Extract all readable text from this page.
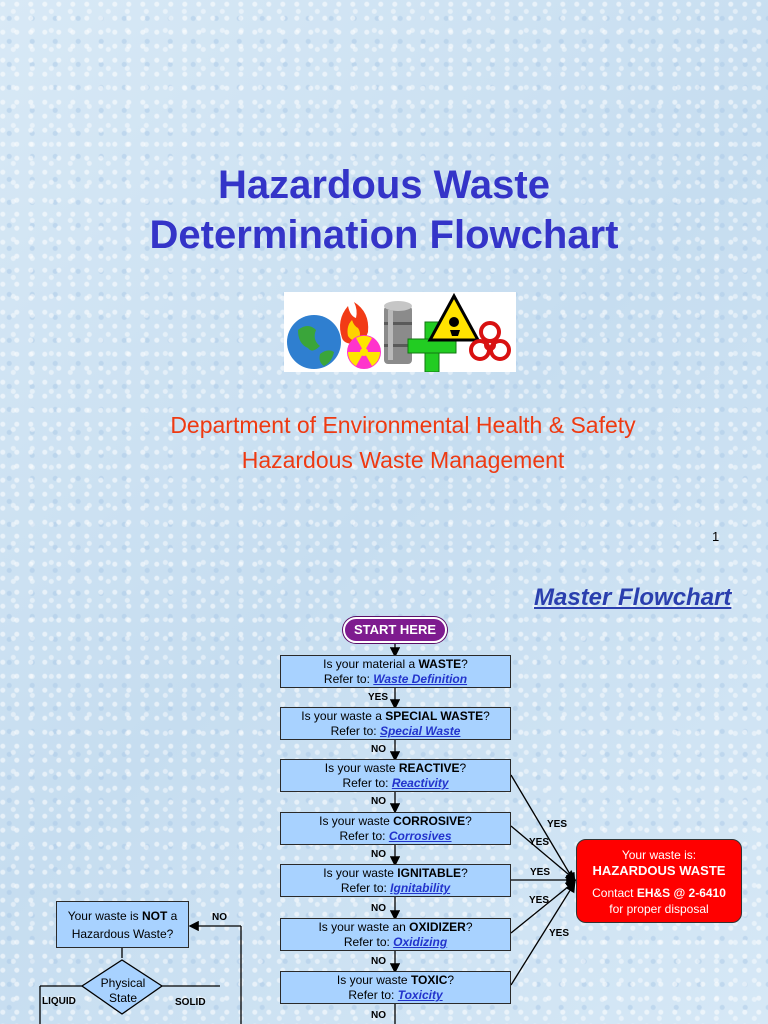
Hazardous Waste
Determination Flowchart
Department of Environmental Health & Safety
Hazardous Waste Management
1
Master Flowchart
START HERE
Is your material a WASTE?
Refer to: Waste Definition
Is your waste a SPECIAL WASTE?
Refer to: Special Waste
Is your waste REACTIVE?
Refer to: Reactivity
Is your waste CORROSIVE?
Refer to: Corrosives
Is your waste IGNITABLE?
Refer to: Ignitability
Is your waste an OXIDIZER?
Refer to: Oxidizing
Is your waste TOXIC?
Refer to: Toxicity
YES
NO
NO
NO
NO
NO
NO
YES
YES
YES
YES
YES
Your waste is:
HAZARDOUS WASTE
Contact EH&S @ 2-6410
for proper disposal
Your waste is NOT a
Hazardous Waste?
NO
Physical
State
LIQUID	SOLID
